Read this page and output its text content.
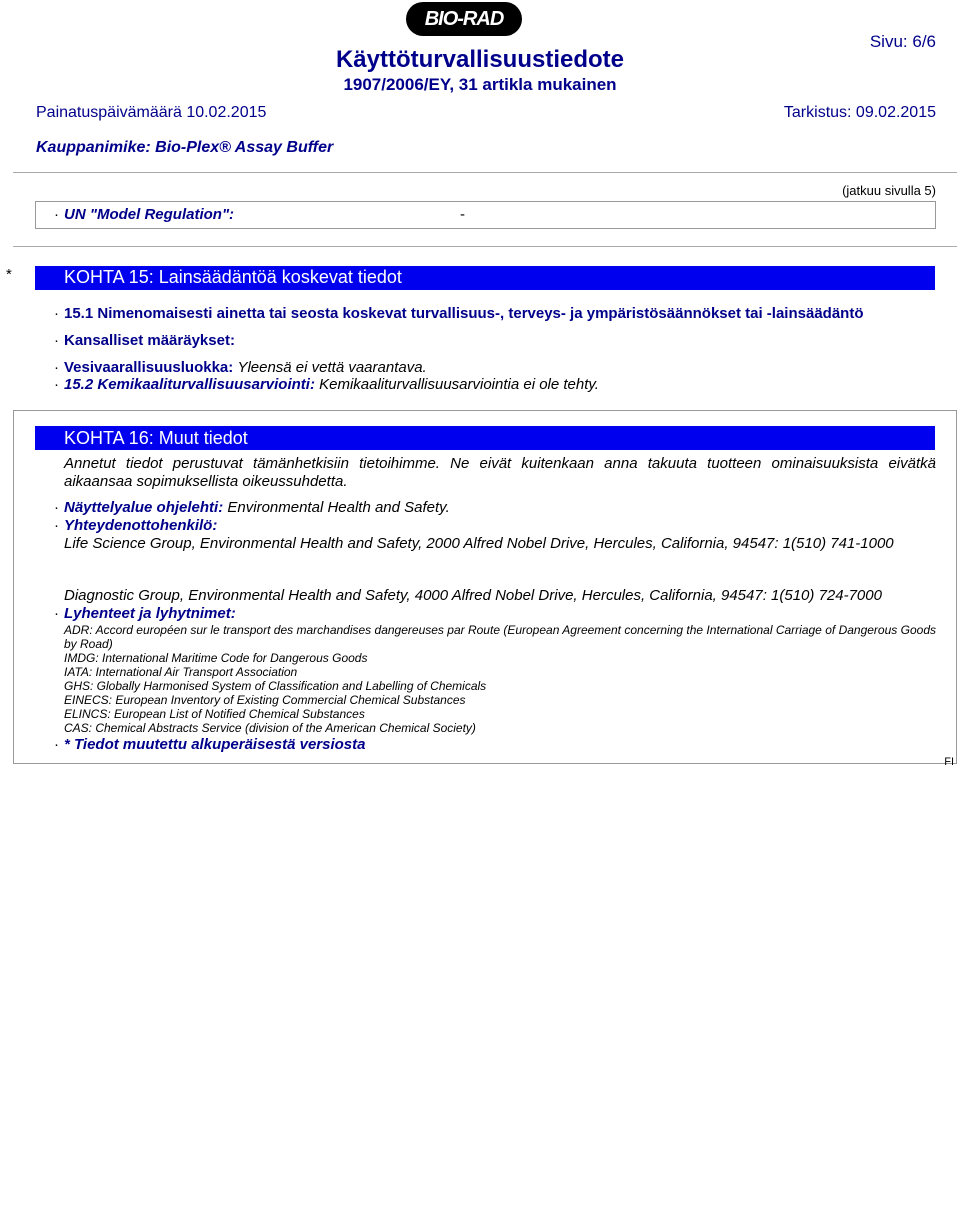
BIO-RAD
Sivu: 6/6
Käyttöturvallisuustiedote
1907/2006/EY, 31 artikla mukainen
Painatuspäivämäärä 10.02.2015	Tarkistus: 09.02.2015
Kauppanimike: Bio-Plex® Assay Buffer
(jatkuu sivulla 5)
· UN "Model Regulation":	-
*	KOHTA 15: Lainsäädäntöä koskevat tiedot
· 15.1 Nimenomaisesti ainetta tai seosta koskevat turvallisuus-, terveys- ja ympäristösäännökset tai -lainsäädäntö
· Kansalliset määräykset:
· Vesivaarallisuusluokka: Yleensä ei vettä vaarantava.
· 15.2 Kemikaaliturvallisuusarviointi: Kemikaaliturvallisuusarviointia ei ole tehty.
KOHTA 16: Muut tiedot
Annetut tiedot perustuvat tämänhetkisiin tietoihimme. Ne eivät kuitenkaan anna takuuta tuotteen ominaisuuksista eivätkä aikaansaa sopimuksellista oikeussuhdetta.
· Näyttelyalue ohjelehti: Environmental Health and Safety.
· Yhteydenottohenkilö:
Life Science Group, Environmental Health and Safety, 2000 Alfred Nobel Drive, Hercules, California, 94547: 1(510) 741-1000
Diagnostic Group, Environmental Health and Safety, 4000 Alfred Nobel Drive, Hercules, California, 94547: 1(510) 724-7000
· Lyhenteet ja lyhytnimet:
ADR: Accord européen sur le transport des marchandises dangereuses par Route (European Agreement concerning the International Carriage of Dangerous Goods by Road)
IMDG: International Maritime Code for Dangerous Goods
IATA: International Air Transport Association
GHS: Globally Harmonised System of Classification and Labelling of Chemicals
EINECS: European Inventory of Existing Commercial Chemical Substances
ELINCS: European List of Notified Chemical Substances
CAS: Chemical Abstracts Service (division of the American Chemical Society)
· * Tiedot muutettu alkuperäisestä versiosta
FI
